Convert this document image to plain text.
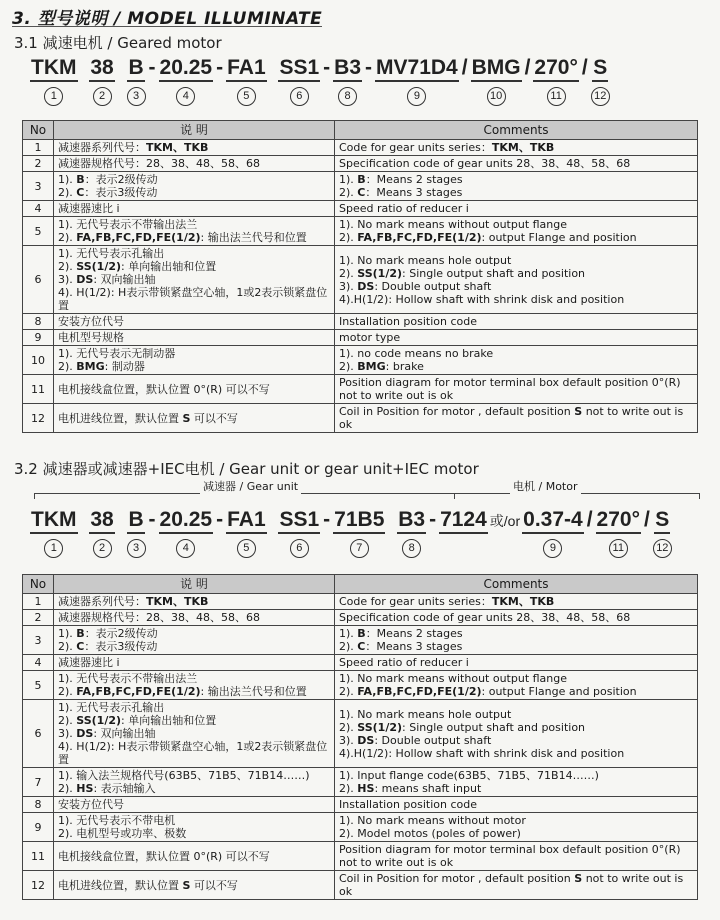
3. 型号说明 / MODEL ILLUMINATE
3.1 减速电机 / Geared motor
TKM
1

38
2

B
3
- 20.25
4
- FA1
5

SS1
6
- B3
8
- MV71D4
9
/ BMG
10
/ 270°
11
/ S
12
No	说 明	Comments
1	减速器系列代号：TKM、TKB	Code for gear units series：TKM、TKB
2	减速器规格代号：28、38、48、58、68	Specification code of gear units 28、38、48、58、68
3	1). B：表示2级传动
2). C：表示3级传动	1). B：Means 2 stages
2). C：Means 3 stages
4	减速器速比 i	Speed ratio of reducer i
5	1). 无代号表示不带输出法兰
2). FA,FB,FC,FD,FE(1/2): 输出法兰代号和位置	1). No mark means without output flange
2). FA,FB,FC,FD,FE(1/2): output Flange and position
6	1). 无代号表示孔输出
2). SS(1/2): 单向输出轴和位置
3). DS: 双向输出轴
4). H(1/2): H表示带锁紧盘空心轴，1或2表示锁紧盘位置	1). No mark means hole output
2). SS(1/2): Single output shaft and position
3). DS: Double output shaft
4).H(1/2): Hollow shaft with shrink disk and position
8	安装方位代号	Installation position code
9	电机型号规格	motor type
10	1). 无代号表示无制动器
2). BMG: 制动器	1). no code means no brake
2). BMG: brake
11	电机接线盒位置，默认位置 0°(R) 可以不写	Position diagram for motor terminal box default position 0°(R) not to write out is ok
12	电机进线位置，默认位置 S 可以不写	Coil in Position for motor , default position S not to write out is ok
3.2 减速器或减速器+IEC电机 / Gear unit or gear unit+IEC motor
减速器 / Gear unit	电机 / Motor
TKM
1

38
2

B
3
- 20.25
4
- FA1
5

SS1
6
- 71B5
7

B3
8
- 7124 或/or 0.37-4
9
/ 270°
11
/ S
12
No	说 明	Comments
1	减速器系列代号：TKM、TKB	Code for gear units series：TKM、TKB
2	减速器规格代号：28、38、48、58、68	Specification code of gear units 28、38、48、58、68
3	1). B：表示2级传动
2). C：表示3级传动	1). B：Means 2 stages
2). C：Means 3 stages
4	减速器速比 i	Speed ratio of reducer i
5	1). 无代号表示不带输出法兰
2). FA,FB,FC,FD,FE(1/2): 输出法兰代号和位置	1). No mark means without output flange
2). FA,FB,FC,FD,FE(1/2): output Flange and position
6	1). 无代号表示孔输出
2). SS(1/2): 单向输出轴和位置
3). DS: 双向输出轴
4). H(1/2): H表示带锁紧盘空心轴，1或2表示锁紧盘位置	1). No mark means hole output
2). SS(1/2): Single output shaft and position
3). DS: Double output shaft
4).H(1/2): Hollow shaft with shrink disk and position
7	1). 输入法兰规格代号(63B5、71B5、71B14……)
2). HS: 表示轴输入	1). Input flange code(63B5、71B5、71B14……)
2). HS: means shaft input
8	安装方位代号	Installation position code
9	1). 无代号表示不带电机
2). 电机型号或功率、极数	1). No mark means without motor
2). Model motos (poles of power)
11	电机接线盒位置，默认位置 0°(R) 可以不写	Position diagram for motor terminal box default position 0°(R) not to write out is ok
12	电机进线位置，默认位置 S 可以不写	Coil in Position for motor , default position S not to write out is ok
